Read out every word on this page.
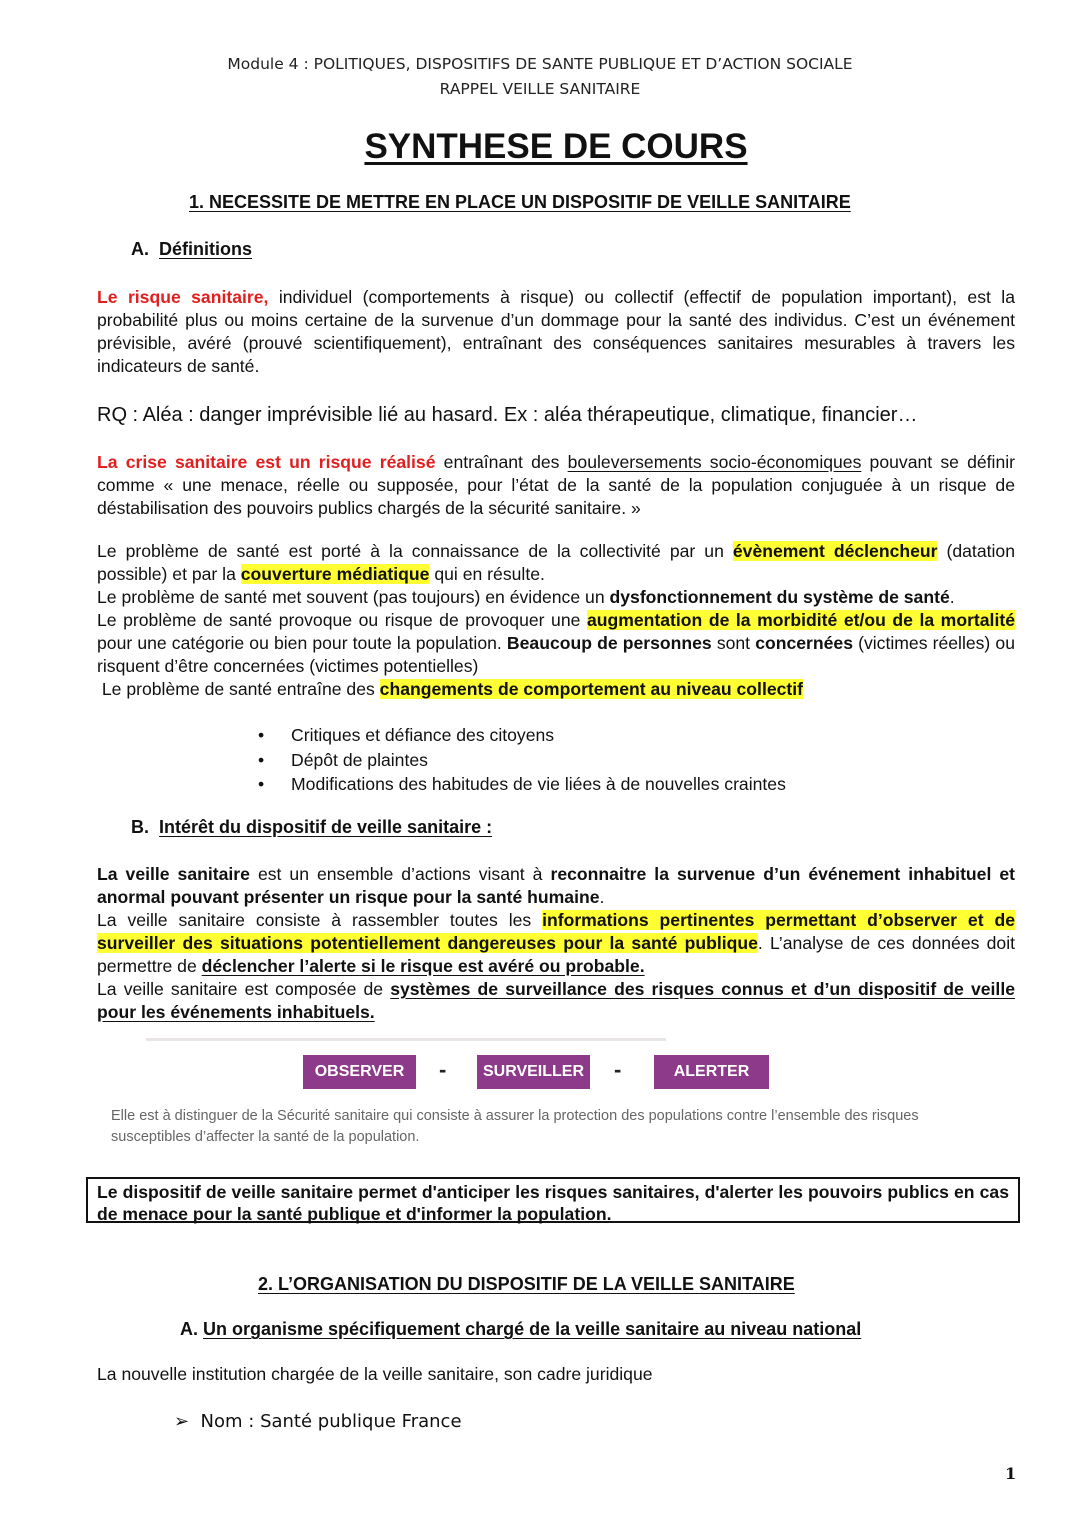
Module 4 : POLITIQUES, DISPOSITIFS DE SANTE PUBLIQUE ET D’ACTION SOCIALE
RAPPEL VEILLE SANITAIRE
SYNTHESE DE COURS
1. NECESSITE DE METTRE EN PLACE UN DISPOSITIF DE VEILLE SANITAIRE
A. Définitions
Le risque sanitaire, individuel (comportements à risque) ou collectif (effectif de population important), est la probabilité plus ou moins certaine de la survenue d’un dommage pour la santé des individus. C’est un événement prévisible, avéré (prouvé scientifiquement), entraînant des conséquences sanitaires mesurables à travers les indicateurs de santé.
RQ : Aléa : danger imprévisible lié au hasard. Ex : aléa thérapeutique, climatique, financier…
La crise sanitaire est un risque réalisé entraînant des bouleversements socio-économiques pouvant se définir comme « une menace, réelle ou supposée, pour l’état de la santé de la population conjuguée à un risque de déstabilisation des pouvoirs publics chargés de la sécurité sanitaire. »
Le problème de santé est porté à la connaissance de la collectivité par un évènement déclencheur (datation possible) et par la couverture médiatique qui en résulte.
Le problème de santé met souvent (pas toujours) en évidence un dysfonctionnement du système de santé.
Le problème de santé provoque ou risque de provoquer une augmentation de la morbidité et/ou de la mortalité pour une catégorie ou bien pour toute la population. Beaucoup de personnes sont concernées (victimes réelles) ou risquent d’être concernées (victimes potentielles)
Le problème de santé entraîne des changements de comportement au niveau collectif
• Critiques et défiance des citoyens
• Dépôt de plaintes
• Modifications des habitudes de vie liées à de nouvelles craintes
B. Intérêt du dispositif de veille sanitaire :
La veille sanitaire est un ensemble d’actions visant à reconnaitre la survenue d’un événement inhabituel et anormal pouvant présenter un risque pour la santé humaine.
La veille sanitaire consiste à rassembler toutes les informations pertinentes permettant d’observer et de surveiller des situations potentiellement dangereuses pour la santé publique. L’analyse de ces données doit permettre de déclencher l’alerte si le risque est avéré ou probable.
La veille sanitaire est composée de systèmes de surveillance des risques connus et d’un dispositif de veille pour les événements inhabituels.
OBSERVER	-	SURVEILLER -	ALERTER
Elle est à distinguer de la Sécurité sanitaire qui consiste à assurer la protection des populations contre l’ensemble des risques susceptibles d’affecter la santé de la population.
Le dispositif de veille sanitaire permet d'anticiper les risques sanitaires, d'alerter les pouvoirs publics en cas de menace pour la santé publique et d'informer la population.
2. L’ORGANISATION DU DISPOSITIF DE LA VEILLE SANITAIRE
A. Un organisme spécifiquement chargé de la veille sanitaire au niveau national
La nouvelle institution chargée de la veille sanitaire, son cadre juridique
➢ Nom : Santé publique France
1
